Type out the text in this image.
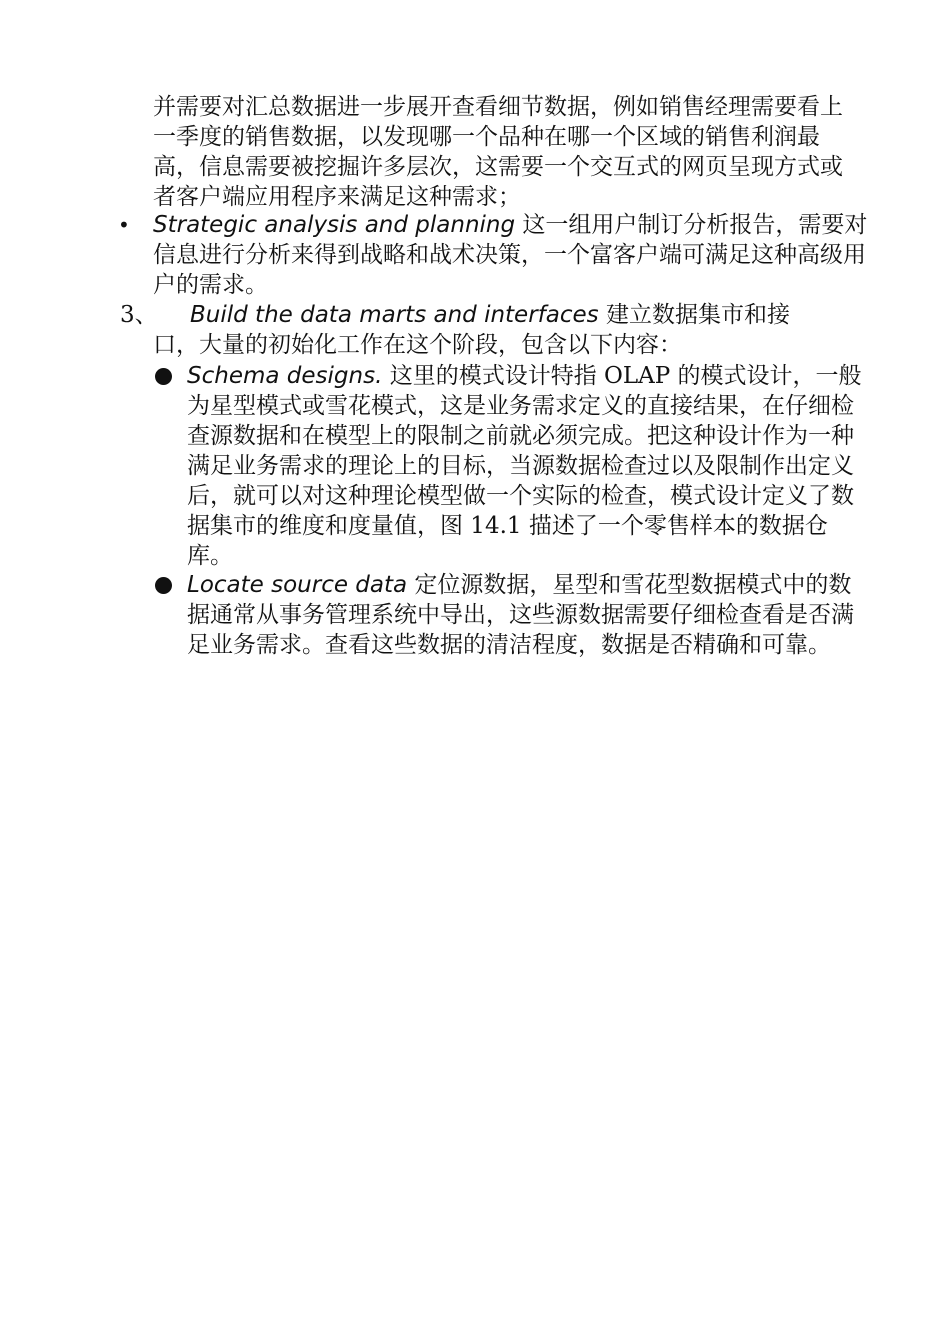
并需要对汇总数据进一步展开查看细节数据，例如销售经理需要看上一季度的销售数据，以发现哪一个品种在哪一个区域的销售利润最高，信息需要被挖掘许多层次，这需要一个交互式的网页呈现方式或者客户端应用程序来满足这种需求；
• Strategic analysis and planning 这一组用户制订分析报告，需要对信息进行分析来得到战略和战术决策，一个富客户端可满足这种高级用户的需求。
3、 Build the data marts and interfaces 建立数据集市和接
口，大量的初始化工作在这个阶段，包含以下内容：
Schema designs. 这里的模式设计特指 OLAP 的模式设计，一般为星型模式或雪花模式，这是业务需求定义的直接结果，在仔细检查源数据和在模型上的限制之前就必须完成。把这种设计作为一种满足业务需求的理论上的目标，当源数据检查过以及限制作出定义后，就可以对这种理论模型做一个实际的检查，模式设计定义了数据集市的维度和度量值，图 14.1 描述了一个零售样本的数据仓库。
Locate source data 定位源数据，星型和雪花型数据模式中的数据通常从事务管理系统中导出，这些源数据需要仔细检查看是否满足业务需求。查看这些数据的清洁程度，数据是否精确和可靠。
